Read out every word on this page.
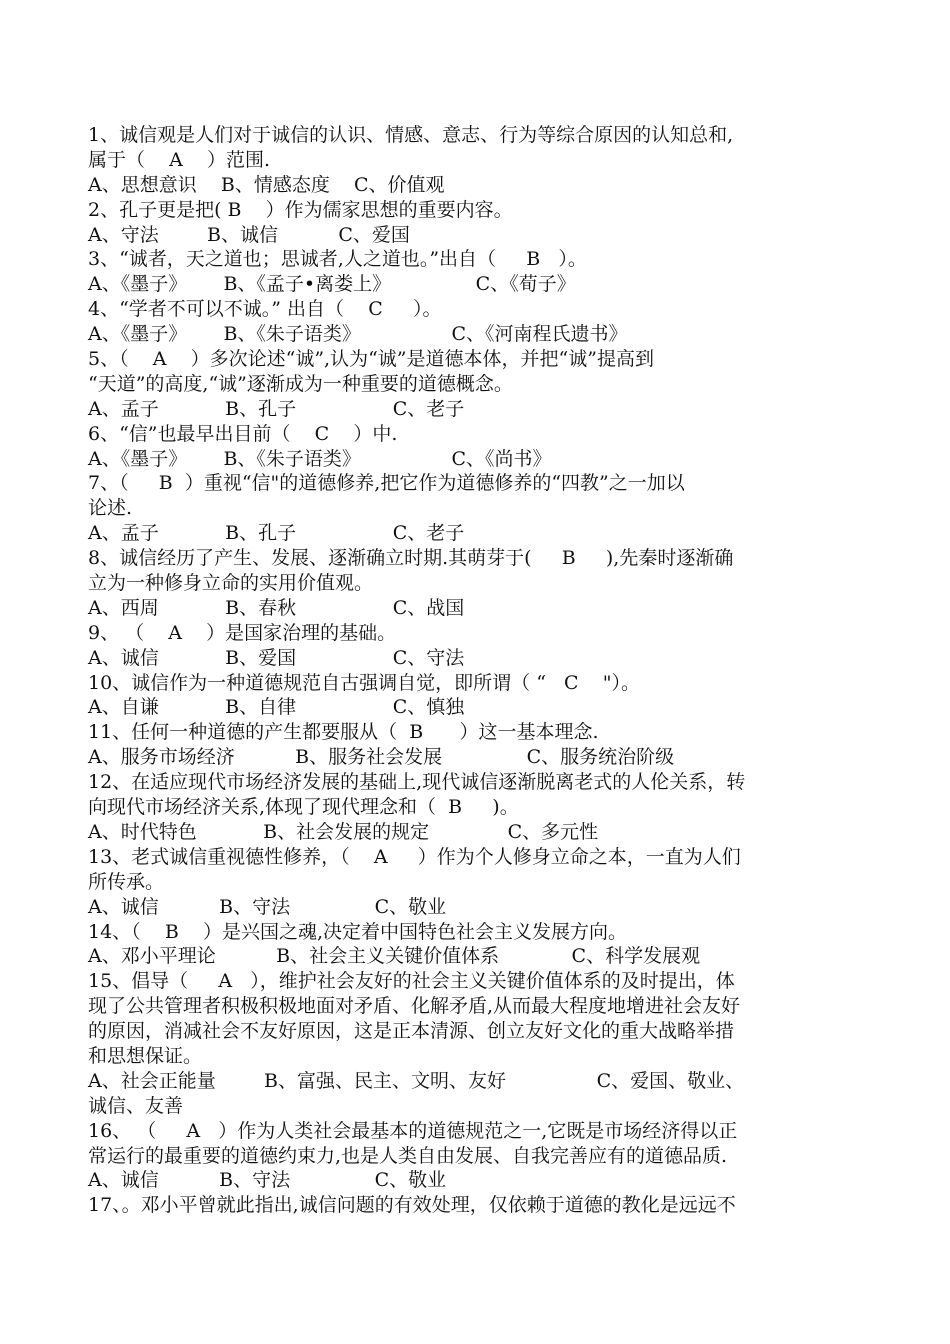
1、诚信观是人们对于诚信的认识、情感、意志、行为等综合原因的认知总和,
属于（    A    ）范围.
A、思想意识    B、情感态度    C、价值观
2、孔子更是把( B    ）作为儒家思想的重要内容。
A、守法        B、诚信          C、爱国
3、“诚者，天之道也；思诚者,人之道也。”出自（     B   ）。
A、《墨子》      B、《孟子•离娄上》              C、《荀子》
4、“学者不可以不诚。” 出自（    C     ）。
A、《墨子》      B、《朱子语类》               C、《河南程氏遗书》
5、（    A    ）多次论述“诚”,认为“诚”是道德本体，并把“诚”提高到
“天道”的高度,“诚”逐渐成为一种重要的道德概念。
A、孟子           B、孔子                C、老子
6、“信”也最早出目前（    C    ）中.
A、《墨子》      B、《朱子语类》               C、《尚书》
7、（     B  ）重视“信"的道德修养,把它作为道德修养的“四教”之一加以
论述.
A、孟子           B、孔子                C、老子
8、诚信经历了产生、发展、逐渐确立时期.其萌芽于(     B     ),先秦时逐渐确
立为一种修身立命的实用价值观。
A、西周           B、春秋                C、战国
9、 （    A    ）是国家治理的基础。
A、诚信           B、爱国                C、守法
10、诚信作为一种道德规范自古强调自觉，即所谓（ “   C    "）。
A、自谦           B、自律                C、慎独
11、任何一种道德的产生都要服从（  B      ）这一基本理念.
A、服务市场经济          B、服务社会发展              C、服务统治阶级
12、在适应现代市场经济发展的基础上,现代诚信逐渐脱离老式的人伦关系，转
向现代市场经济关系,体现了现代理念和（  B     )。
A、时代特色           B、社会发展的规定             C、多元性
13、老式诚信重视德性修养，（    A     ）作为个人修身立命之本，一直为人们
所传承。
A、诚信          B、守法              C、敬业
14、（    B    ）是兴国之魂,决定着中国特色社会主义发展方向。
A、邓小平理论          B、社会主义关键价值体系            C、科学发展观
15、倡导（     A   ），维护社会友好的社会主义关键价值体系的及时提出，体
现了公共管理者积极积极地面对矛盾、化解矛盾,从而最大程度地增进社会友好
的原因，消减社会不友好原因，这是正本清源、创立友好文化的重大战略举措
和思想保证。
A、社会正能量        B、富强、民主、文明、友好               C、爱国、敬业、
诚信、友善
16、 （     A   ）作为人类社会最基本的道德规范之一,它既是市场经济得以正
常运行的最重要的道德约束力,也是人类自由发展、自我完善应有的道德品质.
A、诚信          B、守法              C、敬业
17、。邓小平曾就此指出,诚信问题的有效处理，仅依赖于道德的教化是远远不
